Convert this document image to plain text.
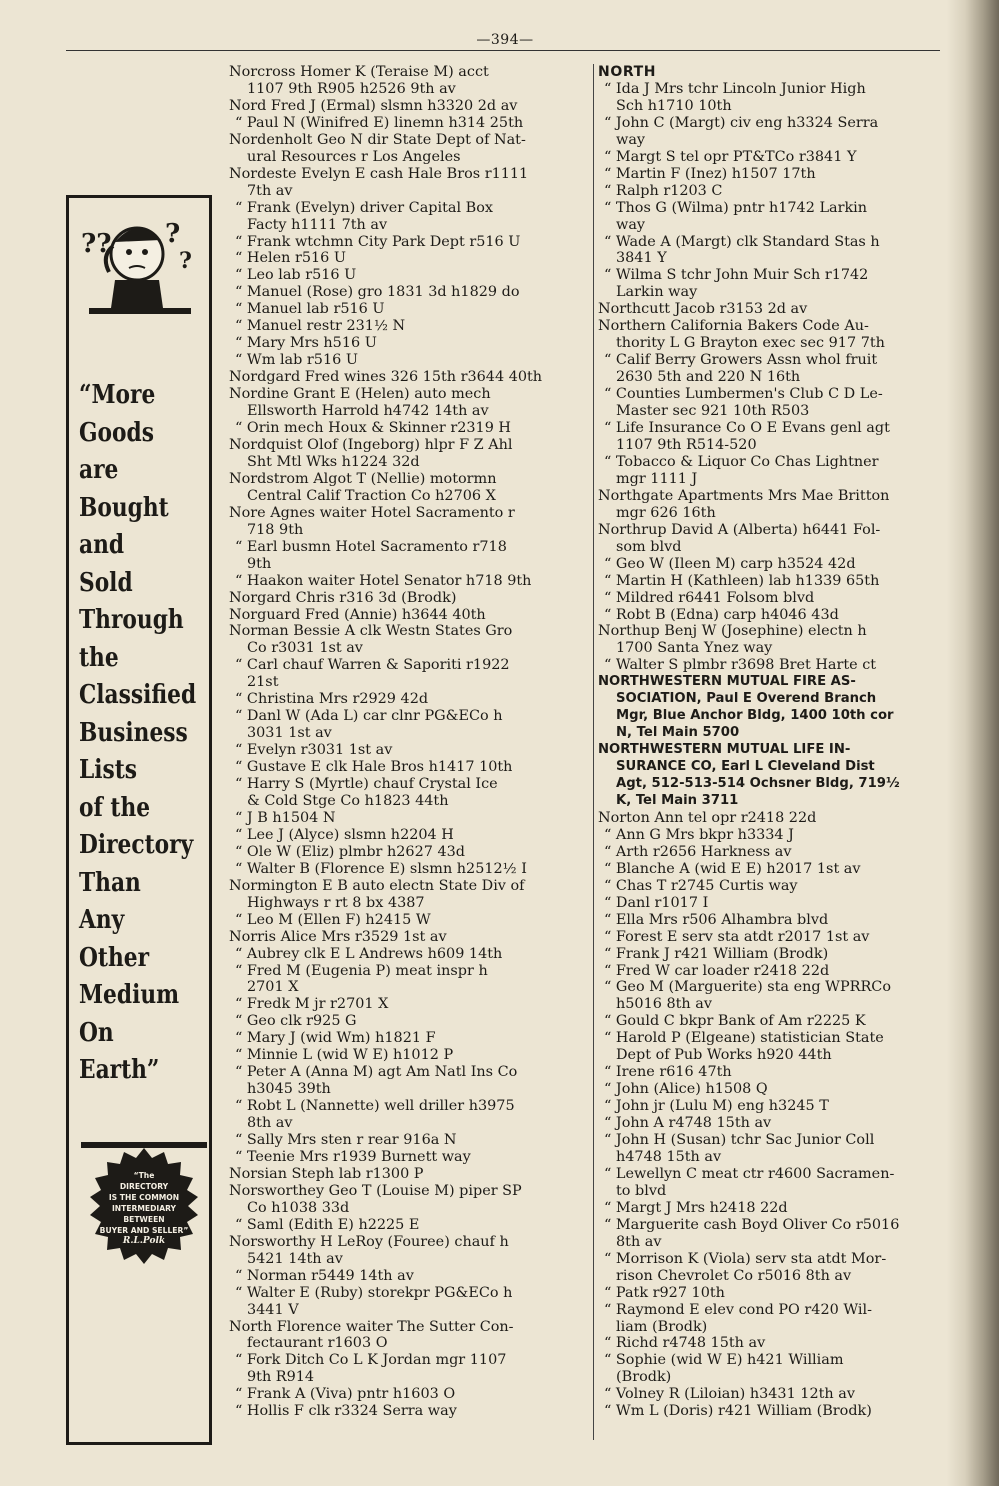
—394—
?? ?
?
“More
Goods
are
Bought
and
Sold
Through
the
Classified
Business
Lists
of the
Directory
Than
Any
Other
Medium
On
Earth”
“The
DIRECTORY
IS THE COMMON
INTERMEDIARY
BETWEEN
BUYER AND SELLER”
R.L.Polk
Norcross Homer K (Teraise M) acct
1107 9th R905 h2526 9th av
Nord Fred J (Ermal) slsmn h3320 2d av
“ Paul N (Winifred E) linemn h314 25th
Nordenholt Geo N dir State Dept of Nat-
ural Resources r Los Angeles
Nordeste Evelyn E cash Hale Bros r1111
7th av
“ Frank (Evelyn) driver Capital Box
Facty h1111 7th av
“ Frank wtchmn City Park Dept r516 U
“ Helen r516 U
“ Leo lab r516 U
“ Manuel (Rose) gro 1831 3d h1829 do
“ Manuel lab r516 U
“ Manuel restr 231½ N
“ Mary Mrs h516 U
“ Wm lab r516 U
Nordgard Fred wines 326 15th r3644 40th
Nordine Grant E (Helen) auto mech
Ellsworth Harrold h4742 14th av
“ Orin mech Houx & Skinner r2319 H
Nordquist Olof (Ingeborg) hlpr F Z Ahl
Sht Mtl Wks h1224 32d
Nordstrom Algot T (Nellie) motormn
Central Calif Traction Co h2706 X
Nore Agnes waiter Hotel Sacramento r
718 9th
“ Earl busmn Hotel Sacramento r718
9th
“ Haakon waiter Hotel Senator h718 9th
Norgard Chris r316 3d (Brodk)
Norguard Fred (Annie) h3644 40th
Norman Bessie A clk Westn States Gro
Co r3031 1st av
“ Carl chauf Warren & Saporiti r1922
21st
“ Christina Mrs r2929 42d
“ Danl W (Ada L) car clnr PG&ECo h
3031 1st av
“ Evelyn r3031 1st av
“ Gustave E clk Hale Bros h1417 10th
“ Harry S (Myrtle) chauf Crystal Ice
& Cold Stge Co h1823 44th
“ J B h1504 N
“ Lee J (Alyce) slsmn h2204 H
“ Ole W (Eliz) plmbr h2627 43d
“ Walter B (Florence E) slsmn h2512½ I
Normington E B auto electn State Div of
Highways r rt 8 bx 4387
“ Leo M (Ellen F) h2415 W
Norris Alice Mrs r3529 1st av
“ Aubrey clk E L Andrews h609 14th
“ Fred M (Eugenia P) meat inspr h
2701 X
“ Fredk M jr r2701 X
“ Geo clk r925 G
“ Mary J (wid Wm) h1821 F
“ Minnie L (wid W E) h1012 P
“ Peter A (Anna M) agt Am Natl Ins Co
h3045 39th
“ Robt L (Nannette) well driller h3975
8th av
“ Sally Mrs sten r rear 916a N
“ Teenie Mrs r1939 Burnett way
Norsian Steph lab r1300 P
Norsworthey Geo T (Louise M) piper SP
Co h1038 33d
“ Saml (Edith E) h2225 E
Norsworthy H LeRoy (Fouree) chauf h
5421 14th av
“ Norman r5449 14th av
“ Walter E (Ruby) storekpr PG&ECo h
3441 V
North Florence waiter The Sutter Con-
fectaurant r1603 O
“ Fork Ditch Co L K Jordan mgr 1107
9th R914
“ Frank A (Viva) pntr h1603 O
“ Hollis F clk r3324 Serra way
NORTH
“ Ida J Mrs tchr Lincoln Junior High
Sch h1710 10th
“ John C (Margt) civ eng h3324 Serra
way
“ Margt S tel opr PT&TCo r3841 Y
“ Martin F (Inez) h1507 17th
“ Ralph r1203 C
“ Thos G (Wilma) pntr h1742 Larkin
way
“ Wade A (Margt) clk Standard Stas h
3841 Y
“ Wilma S tchr John Muir Sch r1742
Larkin way
Northcutt Jacob r3153 2d av
Northern California Bakers Code Au-
thority L G Brayton exec sec 917 7th
“ Calif Berry Growers Assn whol fruit
2630 5th and 220 N 16th
“ Counties Lumbermen's Club C D Le-
Master sec 921 10th R503
“ Life Insurance Co O E Evans genl agt
1107 9th R514-520
“ Tobacco & Liquor Co Chas Lightner
mgr 1111 J
Northgate Apartments Mrs Mae Britton
mgr 626 16th
Northrup David A (Alberta) h6441 Fol-
som blvd
“ Geo W (Ileen M) carp h3524 42d
“ Martin H (Kathleen) lab h1339 65th
“ Mildred r6441 Folsom blvd
“ Robt B (Edna) carp h4046 43d
Northup Benj W (Josephine) electn h
1700 Santa Ynez way
“ Walter S plmbr r3698 Bret Harte ct
NORTHWESTERN MUTUAL FIRE AS-
SOCIATION, Paul E Overend Branch
Mgr, Blue Anchor Bldg, 1400 10th cor
N, Tel Main 5700
NORTHWESTERN MUTUAL LIFE IN-
SURANCE CO, Earl L Cleveland Dist
Agt, 512-513-514 Ochsner Bldg, 719½
K, Tel Main 3711
Norton Ann tel opr r2418 22d
“ Ann G Mrs bkpr h3334 J
“ Arth r2656 Harkness av
“ Blanche A (wid E E) h2017 1st av
“ Chas T r2745 Curtis way
“ Danl r1017 I
“ Ella Mrs r506 Alhambra blvd
“ Forest E serv sta atdt r2017 1st av
“ Frank J r421 William (Brodk)
“ Fred W car loader r2418 22d
“ Geo M (Marguerite) sta eng WPRRCo
h5016 8th av
“ Gould C bkpr Bank of Am r2225 K
“ Harold P (Elgeane) statistician State
Dept of Pub Works h920 44th
“ Irene r616 47th
“ John (Alice) h1508 Q
“ John jr (Lulu M) eng h3245 T
“ John A r4748 15th av
“ John H (Susan) tchr Sac Junior Coll
h4748 15th av
“ Lewellyn C meat ctr r4600 Sacramen-
to blvd
“ Margt J Mrs h2418 22d
“ Marguerite cash Boyd Oliver Co r5016
8th av
“ Morrison K (Viola) serv sta atdt Mor-
rison Chevrolet Co r5016 8th av
“ Patk r927 10th
“ Raymond E elev cond PO r420 Wil-
liam (Brodk)
“ Richd r4748 15th av
“ Sophie (wid W E) h421 William
(Brodk)
“ Volney R (Liloian) h3431 12th av
“ Wm L (Doris) r421 William (Brodk)
